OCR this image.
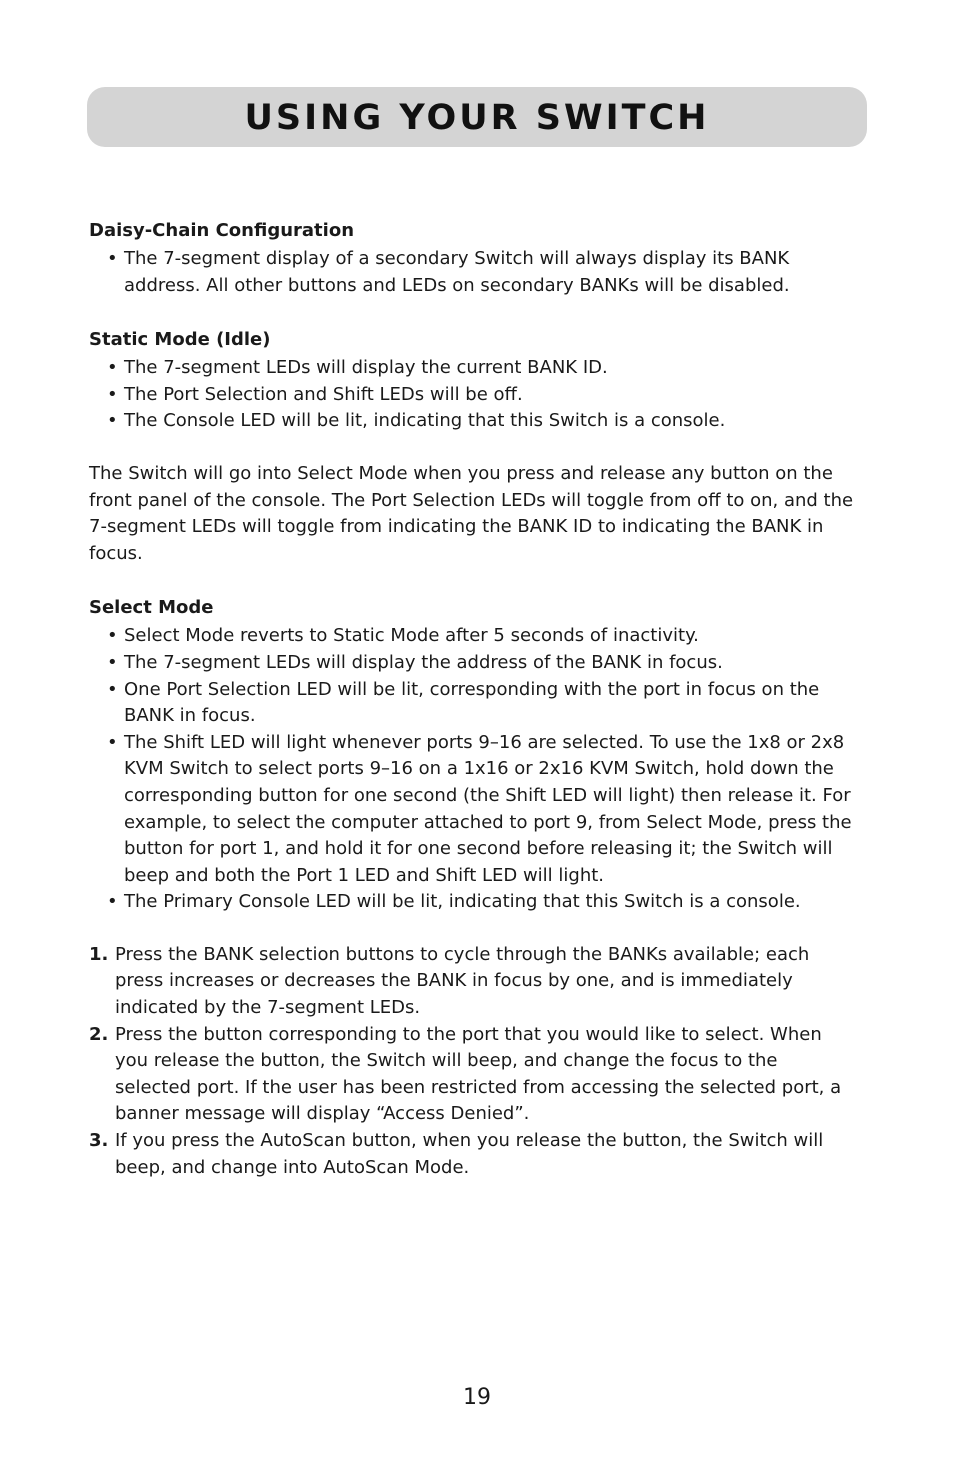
USING YOUR SWITCH

Daisy-Chain Configuration

• The 7-segment display of a secondary Switch will always display its BANK address. All other buttons and LEDs on secondary BANKs will be disabled.

Static Mode (Idle)

• The 7-segment LEDs will display the current BANK ID.
• The Port Selection and Shift LEDs will be off.
• The Console LED will be lit, indicating that this Switch is a console.

The Switch will go into Select Mode when you press and release any button on the front panel of the console. The Port Selection LEDs will toggle from off to on, and the 7-segment LEDs will toggle from indicating the BANK ID to indicating the BANK in focus.

Select Mode

• Select Mode reverts to Static Mode after 5 seconds of inactivity.
• The 7-segment LEDs will display the address of the BANK in focus.
• One Port Selection LED will be lit, corresponding with the port in focus on the BANK in focus.
• The Shift LED will light whenever ports 9–16 are selected. To use the 1x8 or 2x8 KVM Switch to select ports 9–16 on a 1x16 or 2x16 KVM Switch, hold down the corresponding button for one second (the Shift LED will light) then release it. For example, to select the computer attached to port 9, from Select Mode, press the button for port 1, and hold it for one second before releasing it; the Switch will beep and both the Port 1 LED and Shift LED will light.
• The Primary Console LED will be lit, indicating that this Switch is a console.
1. Press the BANK selection buttons to cycle through the BANKs available; each press increases or decreases the BANK in focus by one, and is immediately indicated by the 7-segment LEDs.
2. Press the button corresponding to the port that you would like to select. When you release the button, the Switch will beep, and change the focus to the selected port. If the user has been restricted from accessing the selected port, a banner message will display “Access Denied”.
3. If you press the AutoScan button, when you release the button, the Switch will beep, and change into AutoScan Mode.
19
